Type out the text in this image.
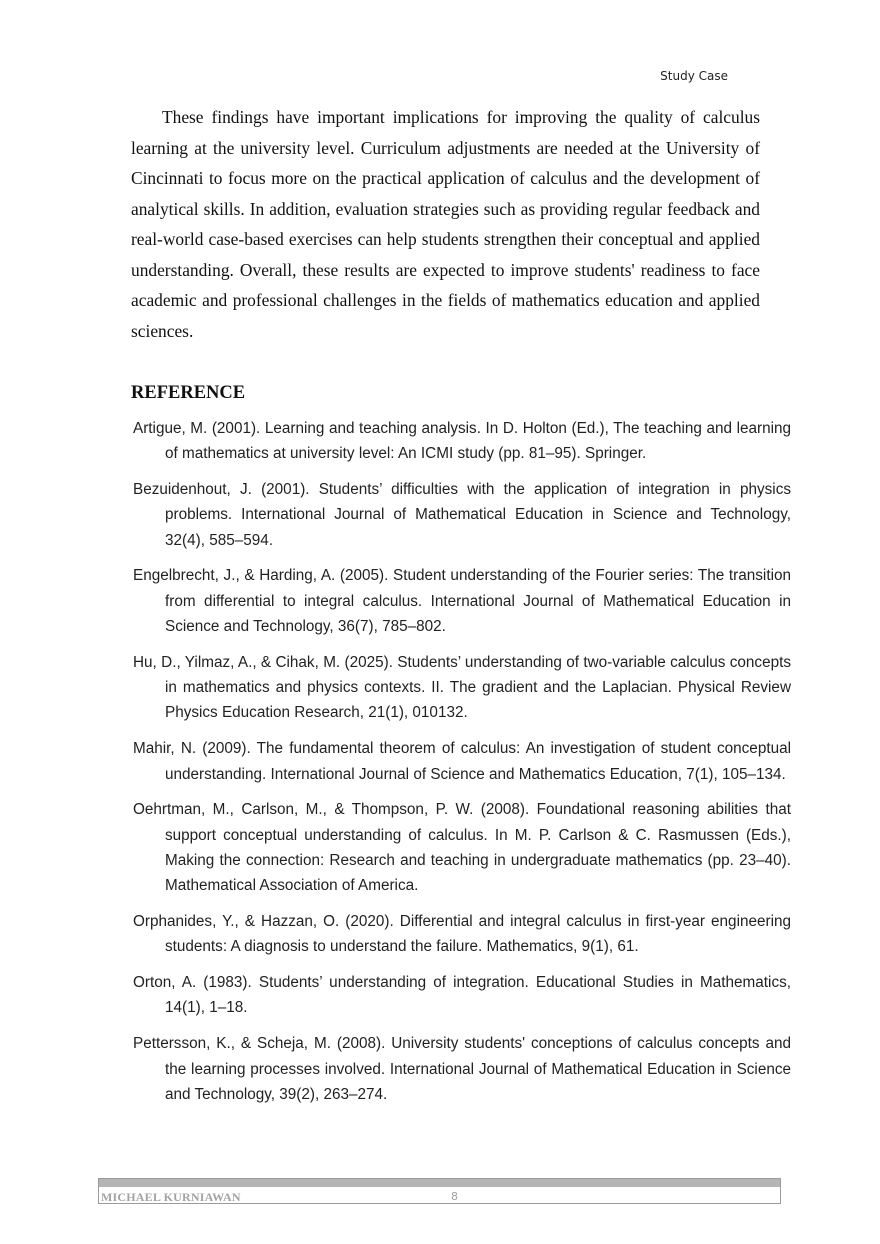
Study Case

These findings have important implications for improving the quality of calculus learning at the university level. Curriculum adjustments are needed at the University of Cincinnati to focus more on the practical application of calculus and the development of analytical skills. In addition, evaluation strategies such as providing regular feedback and real-world case-based exercises can help students strengthen their conceptual and applied understanding. Overall, these results are expected to improve students' readiness to face academic and professional challenges in the fields of mathematics education and applied sciences.

REFERENCE
Artigue, M. (2001). Learning and teaching analysis. In D. Holton (Ed.), The teaching and learning of mathematics at university level: An ICMI study (pp. 81–95). Springer.
Bezuidenhout, J. (2001). Students’ difficulties with the application of integration in physics problems. International Journal of Mathematical Education in Science and Technology, 32(4), 585–594.
Engelbrecht, J., & Harding, A. (2005). Student understanding of the Fourier series: The transition from differential to integral calculus. International Journal of Mathematical Education in Science and Technology, 36(7), 785–802.
Hu, D., Yilmaz, A., & Cihak, M. (2025). Students’ understanding of two-variable calculus concepts in mathematics and physics contexts. II. The gradient and the Laplacian. Physical Review Physics Education Research, 21(1), 010132.
Mahir, N. (2009). The fundamental theorem of calculus: An investigation of student conceptual understanding. International Journal of Science and Mathematics Education, 7(1), 105–134.
Oehrtman, M., Carlson, M., & Thompson, P. W. (2008). Foundational reasoning abilities that support conceptual understanding of calculus. In M. P. Carlson & C. Rasmussen (Eds.), Making the connection: Research and teaching in undergraduate mathematics (pp. 23–40). Mathematical Association of America.
Orphanides, Y., & Hazzan, O. (2020). Differential and integral calculus in first-year engineering students: A diagnosis to understand the failure. Mathematics, 9(1), 61.
Orton, A. (1983). Students’ understanding of integration. Educational Studies in Mathematics, 14(1), 1–18.
Pettersson, K., & Scheja, M. (2008). University students' conceptions of calculus concepts and the learning processes involved. International Journal of Mathematical Education in Science and Technology, 39(2), 263–274.
MICHAEL KURNIAWAN	8
